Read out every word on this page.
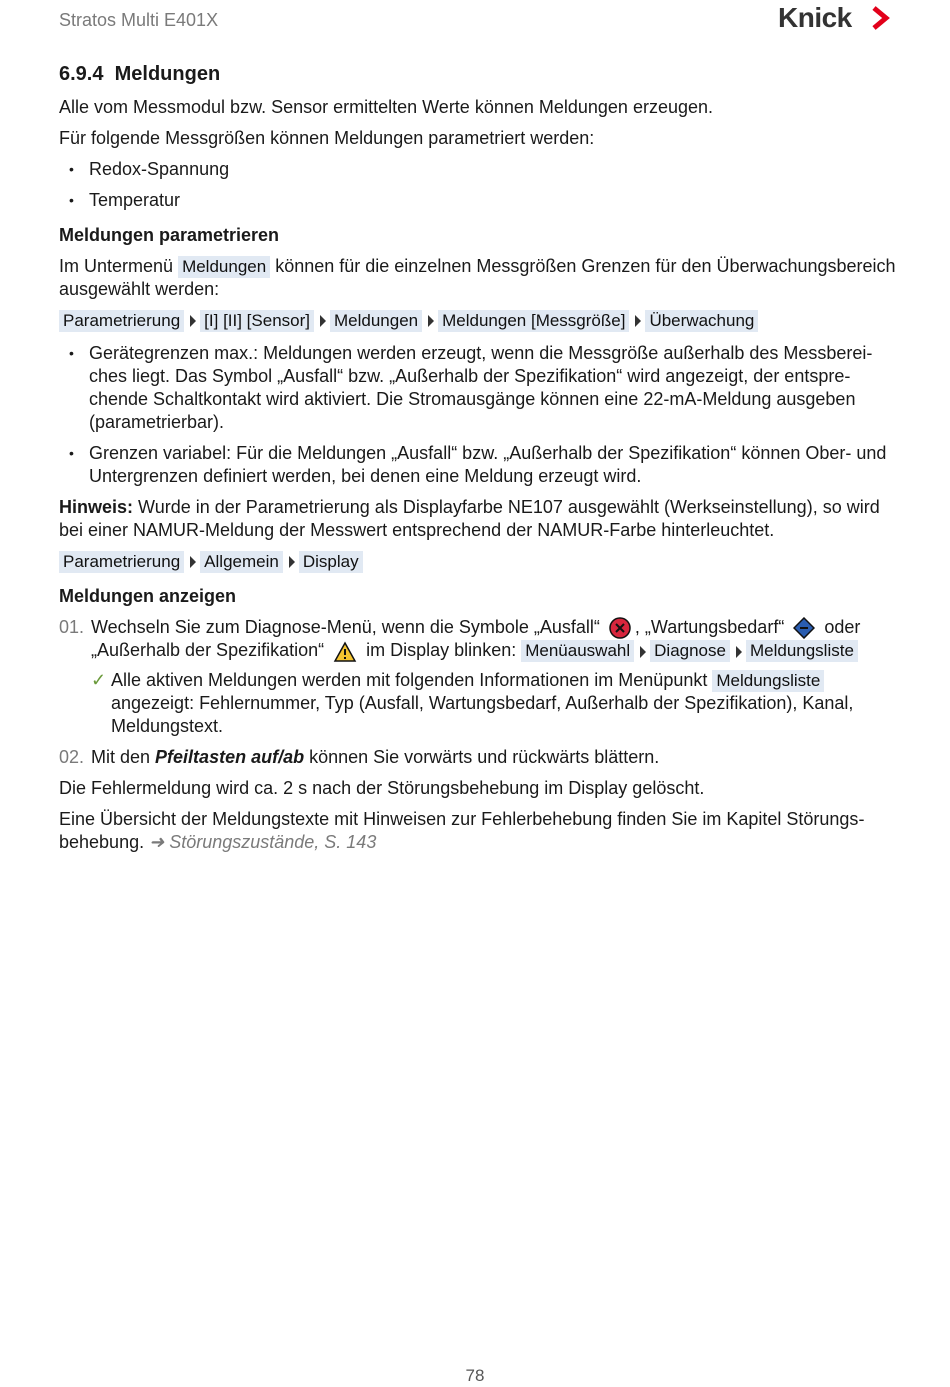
Stratos Multi E401X	Knick
6.9.4 Meldungen

Alle vom Messmodul bzw. Sensor ermittelten Werte können Meldungen erzeugen.

Für folgende Messgrößen können Meldungen parametriert werden:

• Redox-Spannung
• Temperatur
Meldungen parametrieren

Im Untermenü Meldungen können für die einzelnen Messgrößen Grenzen für den Überwachungsbereich ausgewählt werden:

Parametrierung [I] [II] [Sensor] Meldungen Meldungen [Messgröße] Überwachung
• Gerätegrenzen max.: Meldungen werden erzeugt, wenn die Messgröße außerhalb des Messbereiches liegt. Das Symbol „Ausfall“ bzw. „Außerhalb der Spezifikation“ wird angezeigt, der entsprechende Schaltkontakt wird aktiviert. Die Stromausgänge können eine 22-mA-Meldung ausgeben (parametrierbar).
• Grenzen variabel: Für die Meldungen „Ausfall“ bzw. „Außerhalb der Spezifikation“ können Ober- und Untergrenzen definiert werden, bei denen eine Meldung erzeugt wird.

Hinweis: Wurde in der Parametrierung als Displayfarbe NE107 ausgewählt (Werkseinstellung), so wird bei einer NAMUR-Meldung der Messwert entsprechend der NAMUR-Farbe hinterleuchtet.

Parametrierung Allgemein Display
Meldungen anzeigen
01. Wechseln Sie zum Diagnose-Menü, wenn die Symbole „Ausfall“ , „Wartungsbedarf“ oder „Außerhalb der Spezifikation“ im Display blinken: Menüauswahl Diagnose Meldungsliste
✓ Alle aktiven Meldungen werden mit folgenden Informationen im Menüpunkt Meldungsliste angezeigt: Fehlernummer, Typ (Ausfall, Wartungsbedarf, Außerhalb der Spezifikation), Kanal, Meldungstext.
02. Mit den Pfeiltasten auf/ab können Sie vorwärts und rückwärts blättern.

Die Fehlermeldung wird ca. 2 s nach der Störungsbehebung im Display gelöscht.

Eine Übersicht der Meldungstexte mit Hinweisen zur Fehlerbehebung finden Sie im Kapitel Störungsbehebung. ➜ Störungszustände, S. 143

78
